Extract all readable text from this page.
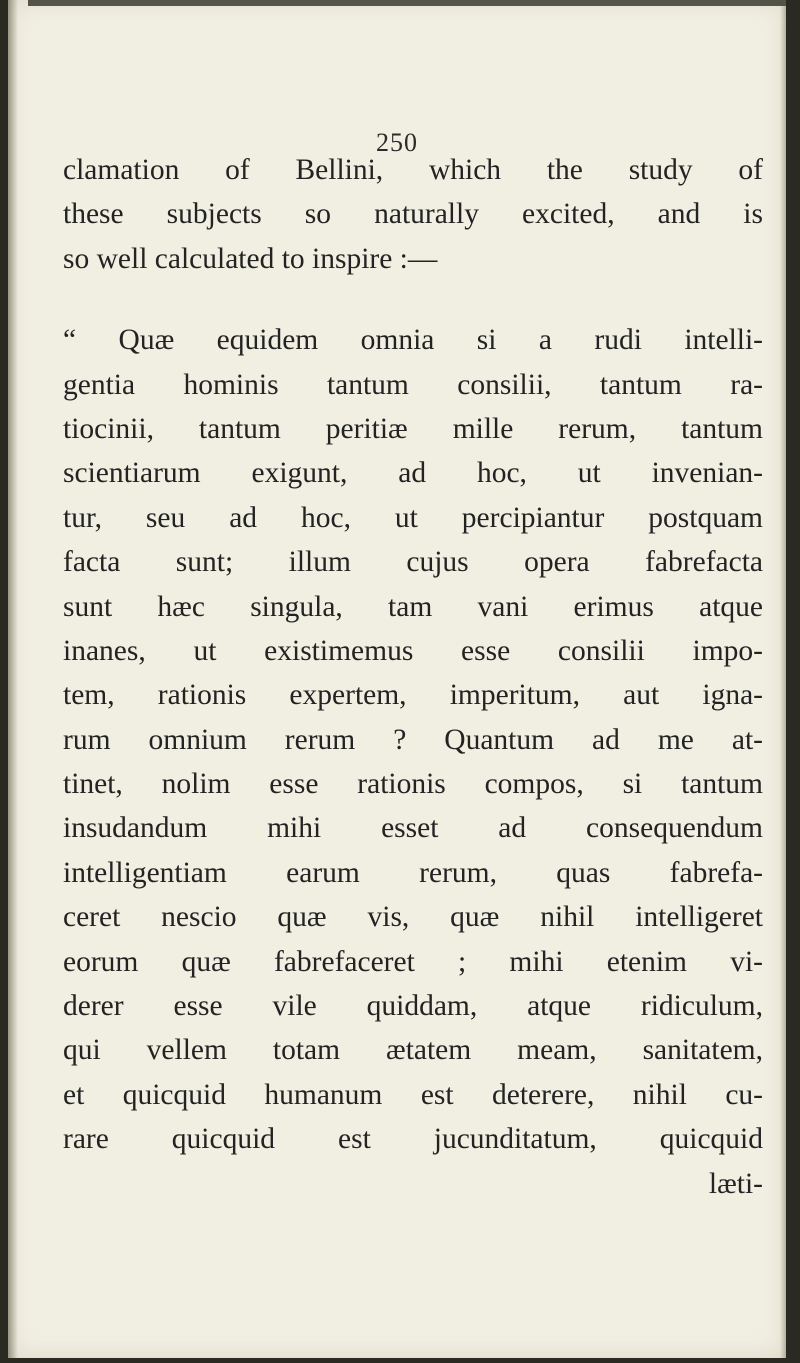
250
clamation of Bellini, which the study of
these subjects so naturally excited, and is
so well calculated to inspire :—
“ Quæ equidem omnia si a rudi intelli-
gentia hominis tantum consilii, tantum ra-
tiocinii, tantum peritiæ mille rerum, tantum
scientiarum exigunt, ad hoc, ut invenian-
tur, seu ad hoc, ut percipiantur postquam
facta sunt; illum cujus opera fabrefacta
sunt hæc singula, tam vani erimus atque
inanes, ut existimemus esse consilii impo-
tem, rationis expertem, imperitum, aut igna-
rum omnium rerum ? Quantum ad me at-
tinet, nolim esse rationis compos, si tantum
insudandum mihi esset ad consequendum
intelligentiam earum rerum, quas fabrefa-
ceret nescio quæ vis, quæ nihil intelligeret
eorum quæ fabrefaceret ; mihi etenim vi-
derer esse vile quiddam, atque ridiculum,
qui vellem totam ætatem meam, sanitatem,
et quicquid humanum est deterere, nihil cu-
rare quicquid est jucunditatum, quicquid
læti-
